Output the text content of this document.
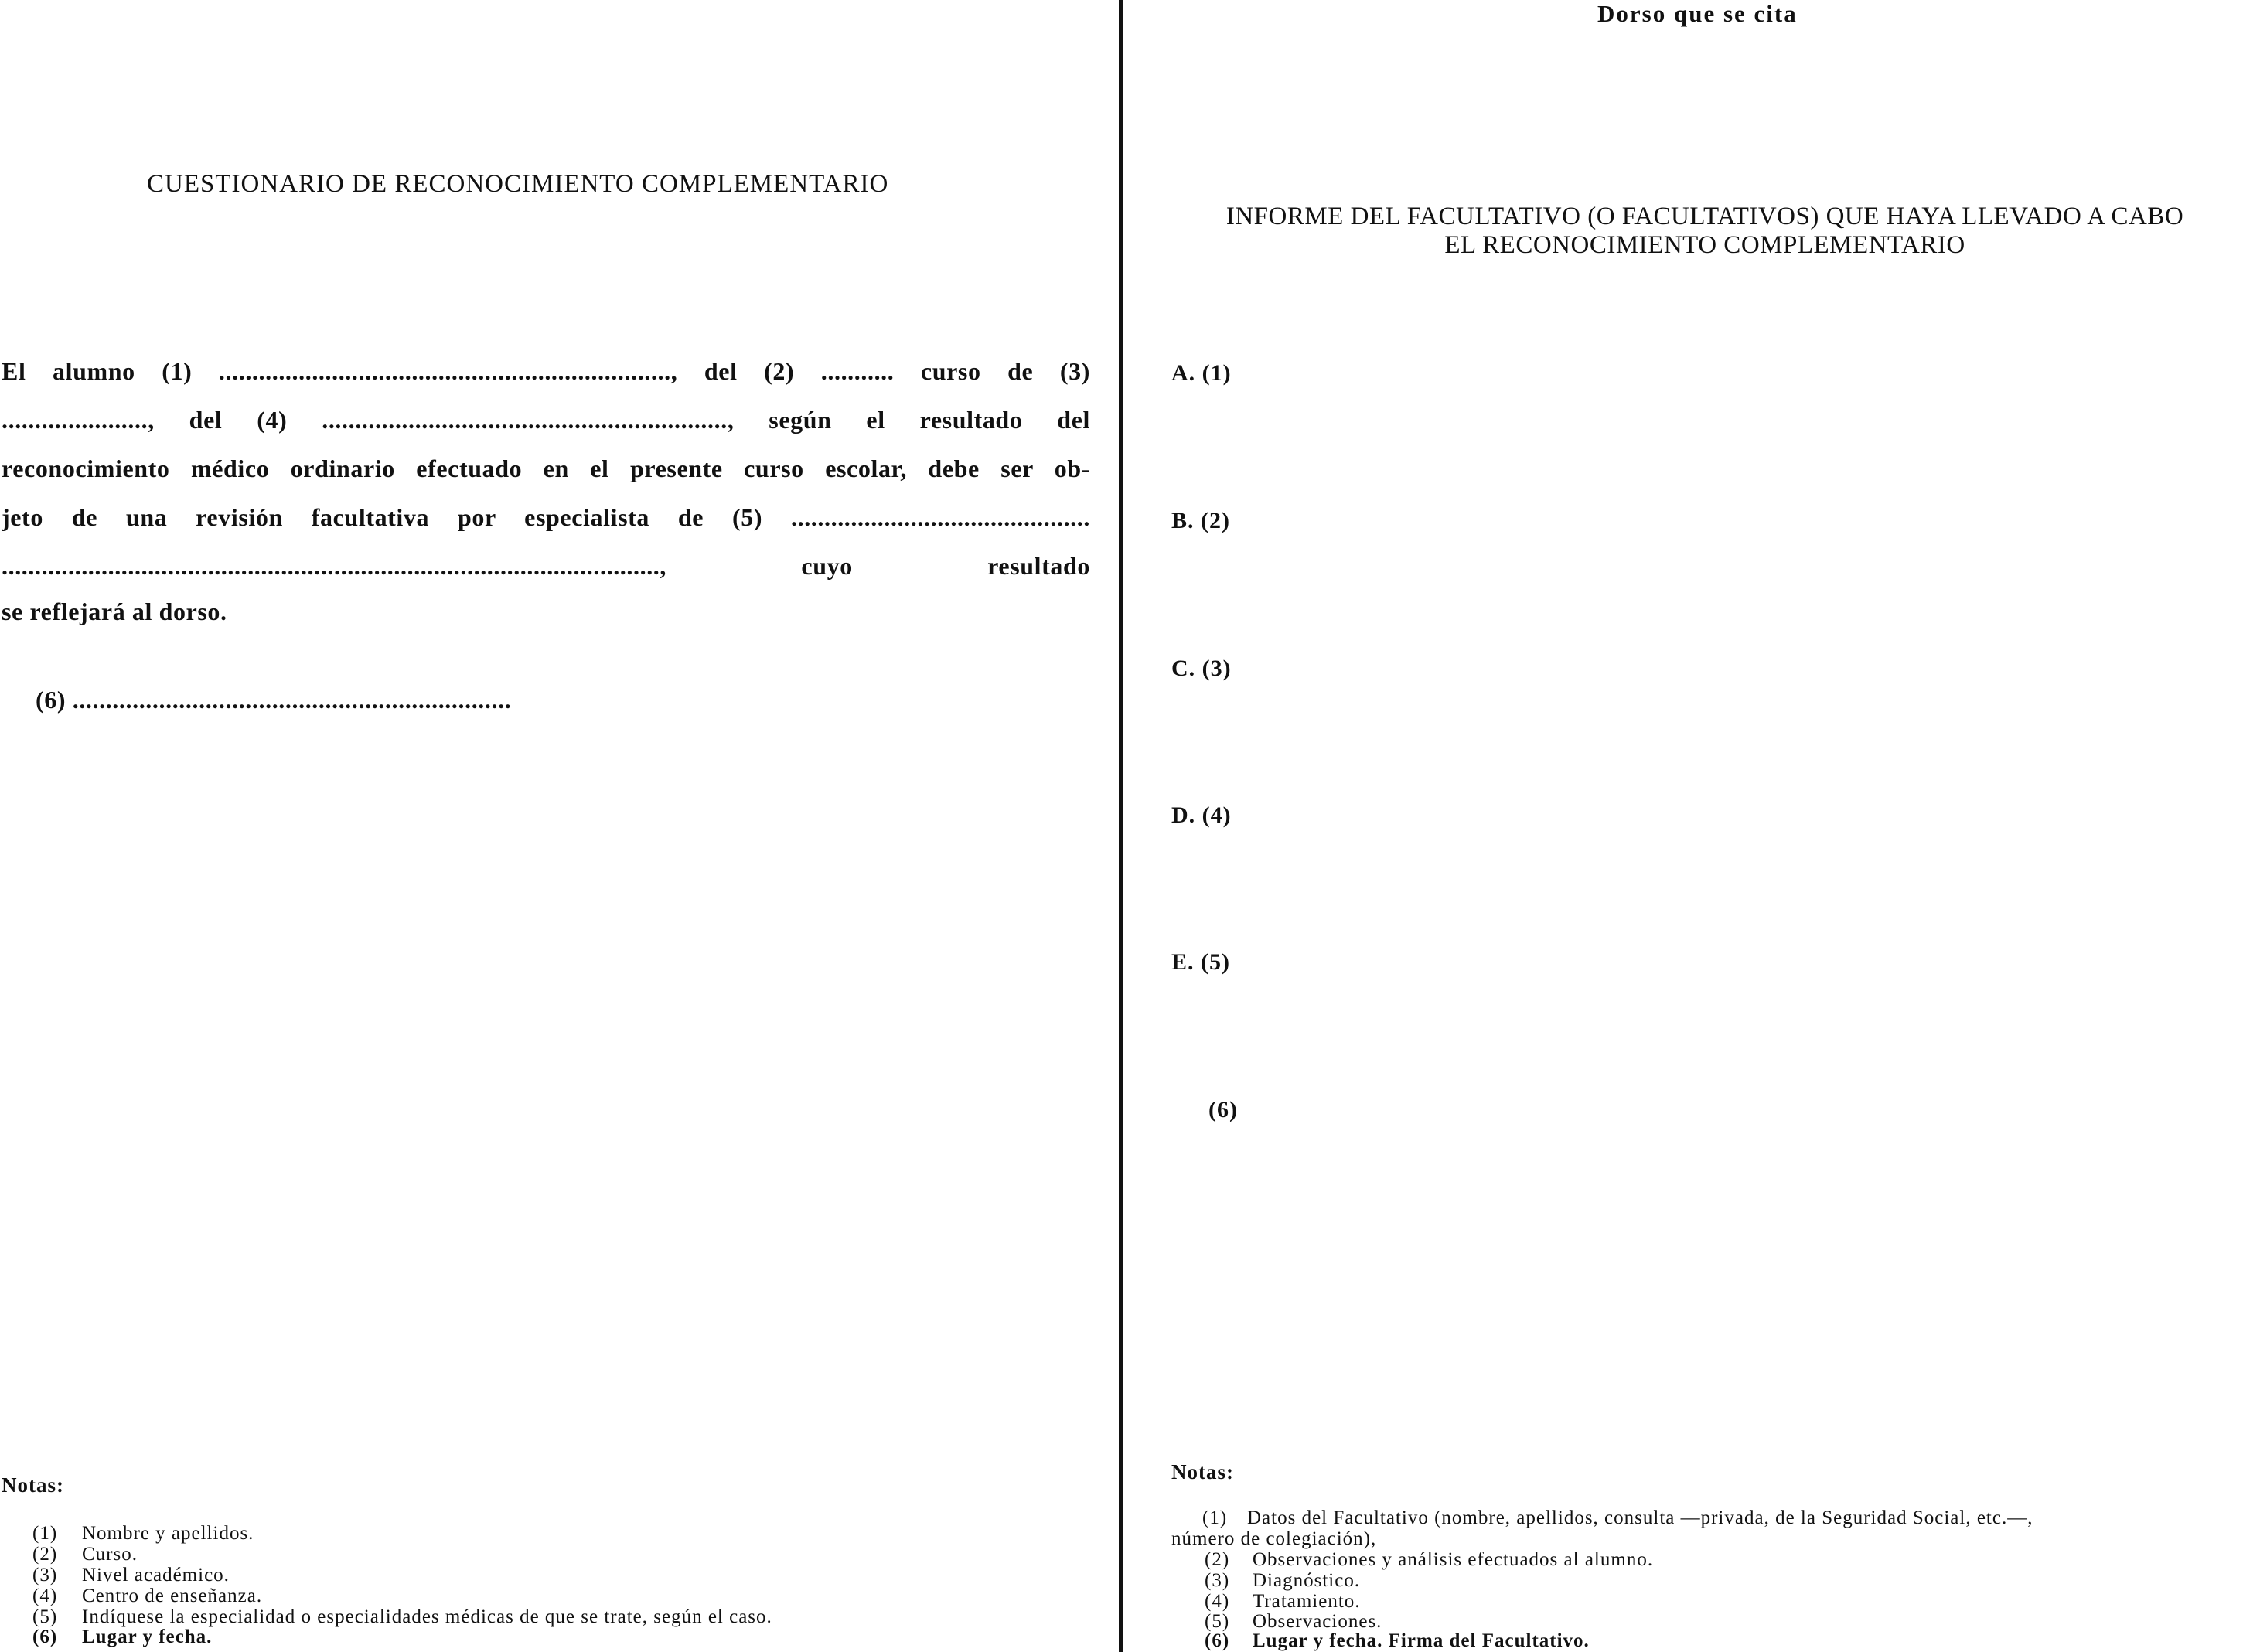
CUESTIONARIO DE RECONOCIMIENTO COMPLEMENTARIO
El alumno (1) ...................................................................., del (2) ........... curso de (3)
......................, del (4) ............................................................., según el resultado del
reconocimiento médico ordinario efectuado en el presente curso escolar, debe ser ob-
jeto de una revisión facultativa por especialista de (5) .............................................
..................................................................................................., cuyo resultado
se reflejará al dorso.
(6) ..................................................................
Notas:
(1) Nombre y apellidos.
(2) Curso.
(3) Nivel académico.
(4) Centro de enseñanza.
(5) Indíquese la especialidad o especialidades médicas de que se trate, según el caso.
(6) Lugar y fecha.
Dorso que se cita
INFORME DEL FACULTATIVO (O FACULTATIVOS) QUE HAYA LLEVADO A CABO
EL RECONOCIMIENTO COMPLEMENTARIO
A. (1)
B. (2)
C. (3)
D. (4)
E. (5)
(6)
Notas:
(1) Datos del Facultativo (nombre, apellidos, consulta —privada, de la Seguridad Social, etc.—,
número de colegiación),
(2) Observaciones y análisis efectuados al alumno.
(3) Diagnóstico.
(4) Tratamiento.
(5) Observaciones.
(6) Lugar y fecha. Firma del Facultativo.
